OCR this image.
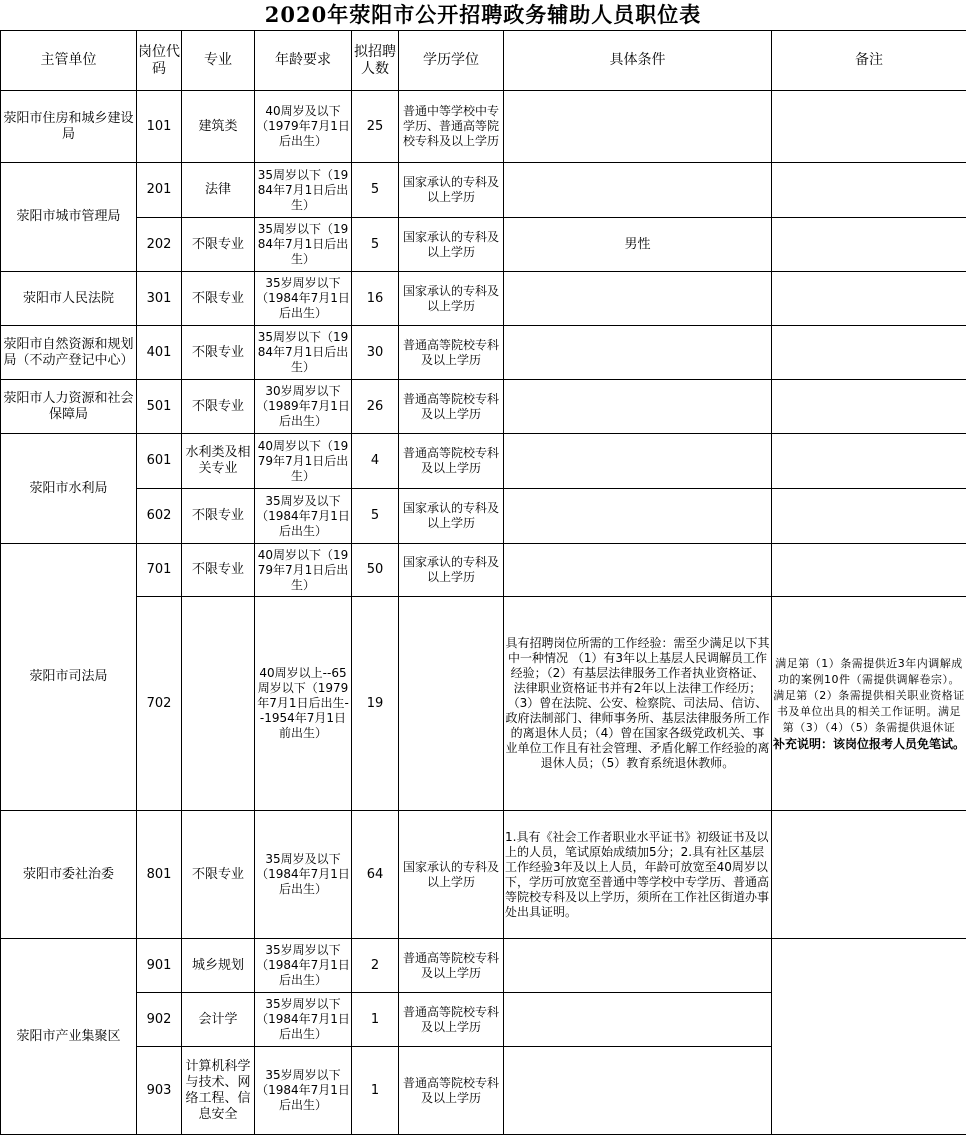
2020年荥阳市公开招聘政务辅助人员职位表
主管单位	岗位代码	专业	年龄要求	拟招聘人数	学历学位	具体条件	备注
荥阳市住房和城乡建设局	101	建筑类	40周岁及以下（1979年7月1日后出生）	25	普通中等学校中专学历、普通高等院校专科及以上学历		
荥阳市城市管理局	201	法律	35周岁以下（1984年7月1日后出生）	5	国家承认的专科及以上学历		
	202	不限专业	35周岁以下（1984年7月1日后出生）	5	国家承认的专科及以上学历	男性	
荥阳市人民法院	301	不限专业	35岁周岁以下（1984年7月1日后出生）	16	国家承认的专科及以上学历		
荥阳市自然资源和规划局（不动产登记中心）	401	不限专业	35周岁以下（1984年7月1日后出生）	30	普通高等院校专科及以上学历		
荥阳市人力资源和社会保障局	501	不限专业	30岁周岁以下（1989年7月1日后出生）	26	普通高等院校专科及以上学历		
荥阳市水利局	601	水利类及相关专业	40周岁以下（1979年7月1日后出生）	4	普通高等院校专科及以上学历		
	602	不限专业	35周岁及以下（1984年7月1日后出生）	5	国家承认的专科及以上学历		
荥阳市司法局	701	不限专业	40周岁以下（1979年7月1日后出生）	50	国家承认的专科及以上学历		
	702		40周岁以上--65周岁以下（1979年7月1日后出生--1954年7月1日前出生）	19		具有招聘岗位所需的工作经验：需至少满足以下其中一种情况 （1）有3年以上基层人民调解员工作经验；（2）有基层法律服务工作者执业资格证、法律职业资格证书并有2年以上法律工作经历；（3）曾在法院、公安、检察院、司法局、信访、政府法制部门、律师事务所、基层法律服务所工作的离退休人员；（4）曾在国家各级党政机关、事业单位工作且有社会管理、矛盾化解工作经验的离退休人员；（5）教育系统退休教师。	满足第（1）条需提供近3年内调解成功的案例10件（需提供调解卷宗）。满足第（2）条需提供相关职业资格证书及单位出具的相关工作证明。满足第（3）（4）（5）条需提供退休证
补充说明：该岗位报考人员免笔试。

荥阳市委社治委	801	不限专业	35周岁及以下（1984年7月1日后出生）	64	国家承认的专科及以上学历	1.具有《社会工作者职业水平证书》初级证书及以上的人员，笔试原始成绩加5分；2.具有社区基层工作经验3年及以上人员，年龄可放宽至40周岁以下，学历可放宽至普通中等学校中专学历、普通高等院校专科及以上学历，须所在工作社区街道办事处出具证明。	
荥阳市产业集聚区	901	城乡规划	35岁周岁以下（1984年7月1日后出生）	2	普通高等院校专科及以上学历		
	902	会计学	35岁周岁以下（1984年7月1日后出生）	1	普通高等院校专科及以上学历		
	903	计算机科学与技术、网络工程、信息安全	35岁周岁以下（1984年7月1日后出生）	1	普通高等院校专科及以上学历		
